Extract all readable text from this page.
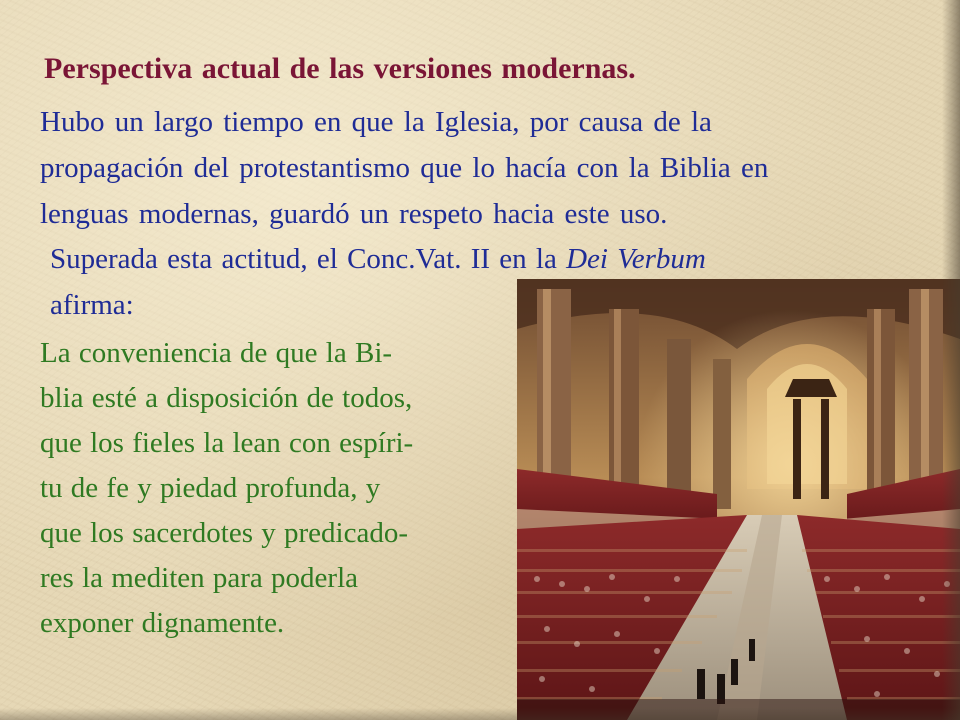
Perspectiva actual de las versiones modernas.

Hubo un largo tiempo en que la Iglesia, por causa de la
propagación del protestantismo que lo hacía con la Biblia en
lenguas modernas, guardó un respeto hacia este uso.

Superada esta actitud, el Conc.Vat. II en la Dei Verbum
afirma:

La conveniencia de que la Bi-
blia esté a disposición de todos,
que los fieles la lean con espíri-
tu de fe y piedad profunda, y
que los sacerdotes y predicado-
res la mediten para poderla
exponer dignamente.
